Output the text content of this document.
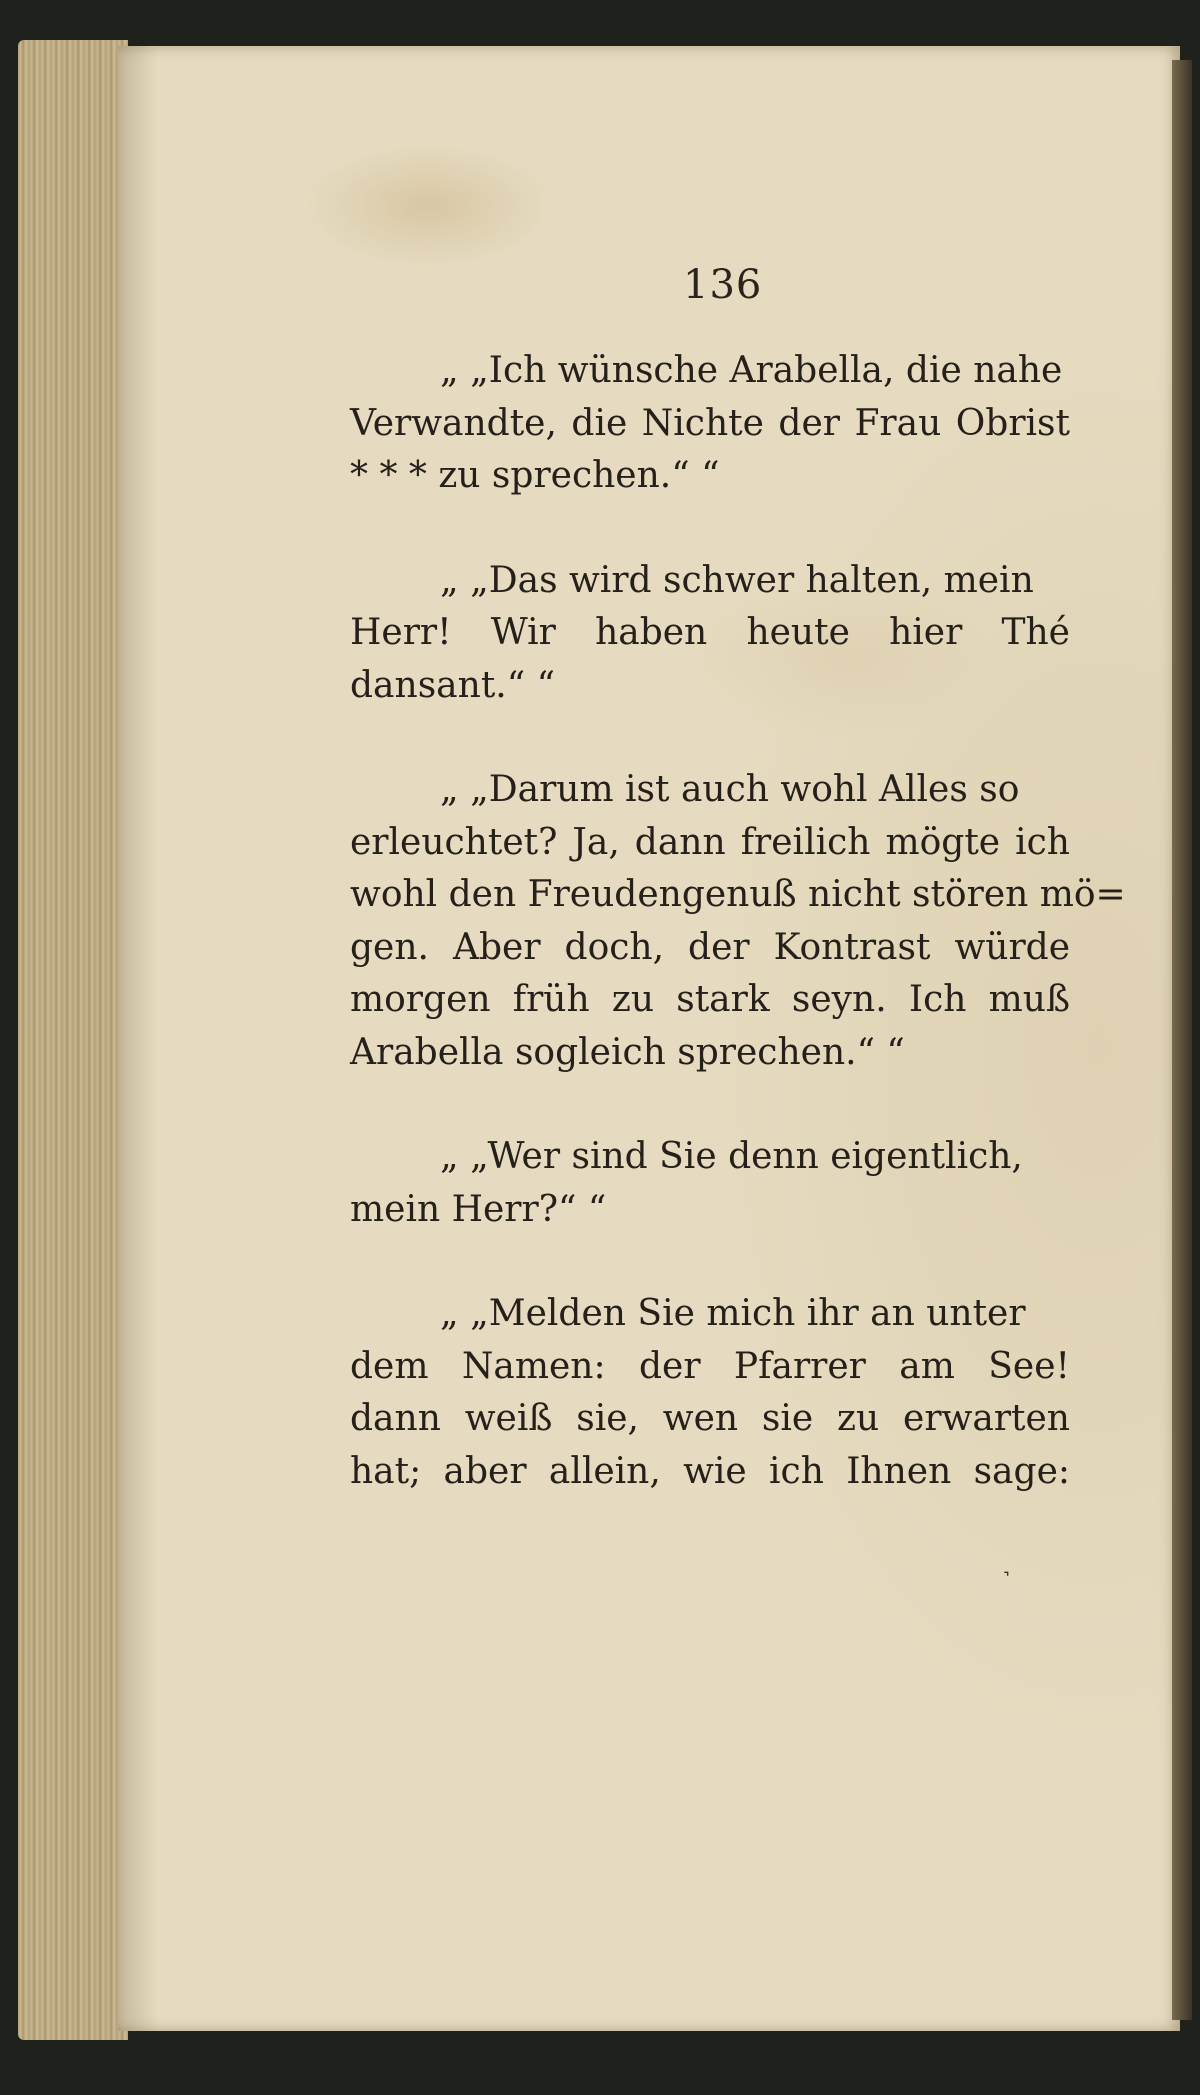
136

„ „Ich wünsche Arabella, die nahe
Verwandte, die Nichte der Frau Obrist
* * * zu sprechen.“ “

„ „Das wird schwer halten, mein
Herr! Wir haben heute hier Thé
dansant.“ “

„ „Darum ist auch wohl Alles so
erleuchtet? Ja, dann freilich mögte ich
wohl den Freudengenuß nicht stören mö=
gen. Aber doch, der Kontrast würde
morgen früh zu stark seyn. Ich muß
Arabella sogleich sprechen.“ “

„ „Wer sind Sie denn eigentlich,
mein Herr?“ “

„ „Melden Sie mich ihr an unter
dem Namen: der Pfarrer am See!
dann weiß sie, wen sie zu erwarten
hat; aber allein, wie ich Ihnen sage:

˺
